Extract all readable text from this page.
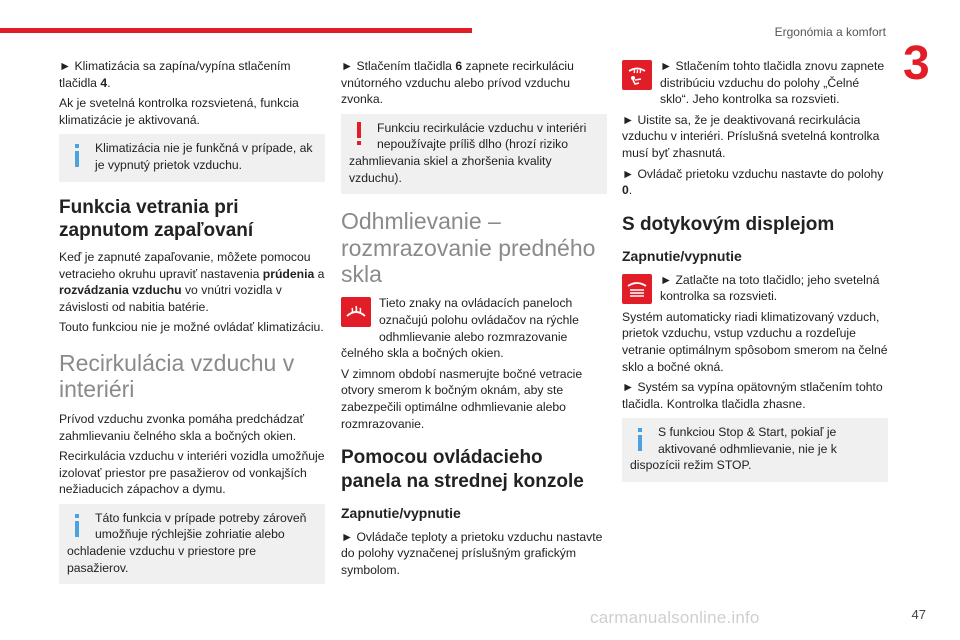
Ergonómia a komfort
3

► Klimatizácia sa zapína/vypína stlačením tlačidla 4.

Ak je svetelná kontrolka rozsvietená, funkcia klimatizácie je aktivovaná.

Klimatizácia nie je funkčná v prípade, ak je vypnutý prietok vzduchu.
Funkcia vetrania pri zapnutom zapaľovaní

Keď je zapnuté zapaľovanie, môžete pomocou vetracieho okruhu upraviť nastavenia prúdenia a rozvádzania vzduchu vo vnútri vozidla v závislosti od nabitia batérie.

Touto funkciou nie je možné ovládať klimatizáciu.

Recirkulácia vzduchu v interiéri

Prívod vzduchu zvonka pomáha predchádzať zahmlievaniu čelného skla a bočných okien.

Recirkulácia vzduchu v interiéri vozidla umožňuje izolovať priestor pre pasažierov od vonkajších nežiaducich zápachov a dymu.

Táto funkcia v prípade potreby zároveň umožňuje rýchlejšie zohriatie alebo ochladenie vzduchu v priestore pre pasažierov.

► Stlačením tlačidla 6 zapnete recirkuláciu vnútorného vzduchu alebo prívod vzduchu zvonka.

Funkciu recirkulácie vzduchu v interiéri nepoužívajte príliš dlho (hrozí riziko zahmlievania skiel a zhoršenia kvality vzduchu).
Odhmlievanie – rozmrazovanie predného skla

Tieto znaky na ovládacích paneloch označujú polohu ovládačov na rýchle odhmlievanie alebo rozmrazovanie čelného skla a bočných okien.

V zimnom období nasmerujte bočné vetracie otvory smerom k bočným oknám, aby ste zabezpečili optimálne odhmlievanie alebo rozmrazovanie.

Pomocou ovládacieho panela na strednej konzole
Zapnutie/vypnutie

► Ovládače teploty a prietoku vzduchu nastavte do polohy vyznačenej príslušným grafickým symbolom.

► Stlačením tohto tlačidla znovu zapnete distribúciu vzduchu do polohy „Čelné sklo“. Jeho kontrolka sa rozsvieti.

► Uistite sa, že je deaktivovaná recirkulácia vzduchu v interiéri. Príslušná svetelná kontrolka musí byť zhasnutá.

► Ovládač prietoku vzduchu nastavte do polohy 0.

S dotykovým displejom
Zapnutie/vypnutie

► Zatlačte na toto tlačidlo; jeho svetelná kontrolka sa rozsvieti.

Systém automaticky riadi klimatizovaný vzduch, prietok vzduchu, vstup vzduchu a rozdeľuje vetranie optimálnym spôsobom smerom na čelné sklo a bočné okná.

► Systém sa vypína opätovným stlačením tohto tlačidla. Kontrolka tlačidla zhasne.

S funkciou Stop & Start, pokiaľ je aktivované odhmlievanie, nie je k dispozícii režim STOP.
carmanualsonline.info	47
